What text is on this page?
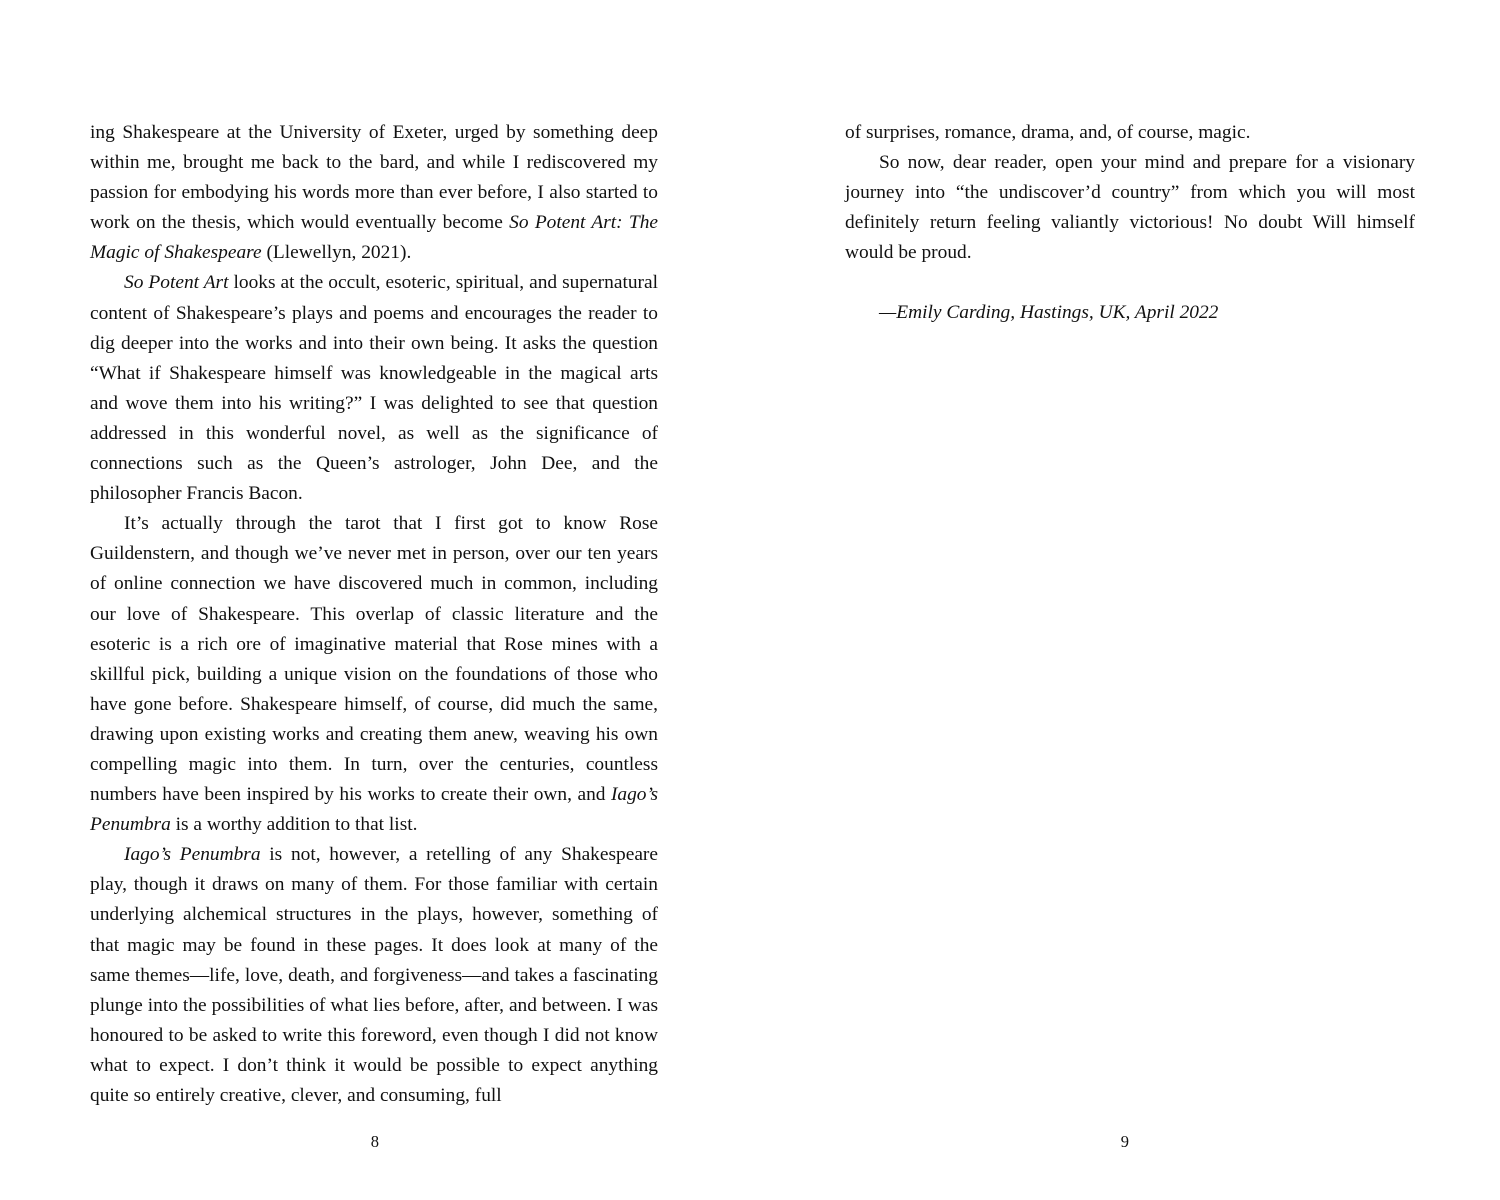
ing Shakespeare at the University of Exeter, urged by something deep within me, brought me back to the bard, and while I rediscovered my passion for embodying his words more than ever before, I also started to work on the thesis, which would eventually become So Potent Art: The Magic of Shakespeare (Llewellyn, 2021).

So Potent Art looks at the occult, esoteric, spiritual, and supernatural content of Shakespeare’s plays and poems and encourages the reader to dig deeper into the works and into their own being. It asks the question “What if Shakespeare himself was knowledgeable in the magical arts and wove them into his writing?” I was delighted to see that question addressed in this wonderful novel, as well as the significance of connections such as the Queen’s astrologer, John Dee, and the philosopher Francis Bacon.

It’s actually through the tarot that I first got to know Rose Guildenstern, and though we’ve never met in person, over our ten years of online connection we have discovered much in common, including our love of Shakespeare. This overlap of classic literature and the esoteric is a rich ore of imaginative material that Rose mines with a skillful pick, building a unique vision on the foundations of those who have gone before. Shakespeare himself, of course, did much the same, drawing upon existing works and creating them anew, weaving his own compelling magic into them. In turn, over the centuries, countless numbers have been inspired by his works to create their own, and Iago’s Penumbra is a worthy addition to that list.

Iago’s Penumbra is not, however, a retelling of any Shakespeare play, though it draws on many of them. For those familiar with certain underlying alchemical structures in the plays, however, something of that magic may be found in these pages. It does look at many of the same themes—life, love, death, and forgiveness—and takes a fascinating plunge into the possibilities of what lies before, after, and between. I was honoured to be asked to write this foreword, even though I did not know what to expect. I don’t think it would be possible to expect anything quite so entirely creative, clever, and consuming, full

8

of surprises, romance, drama, and, of course, magic.

So now, dear reader, open your mind and prepare for a visionary journey into “the undiscover’d country” from which you will most definitely return feeling valiantly victorious! No doubt Will himself would be proud.

—Emily Carding, Hastings, UK, April 2022

9
